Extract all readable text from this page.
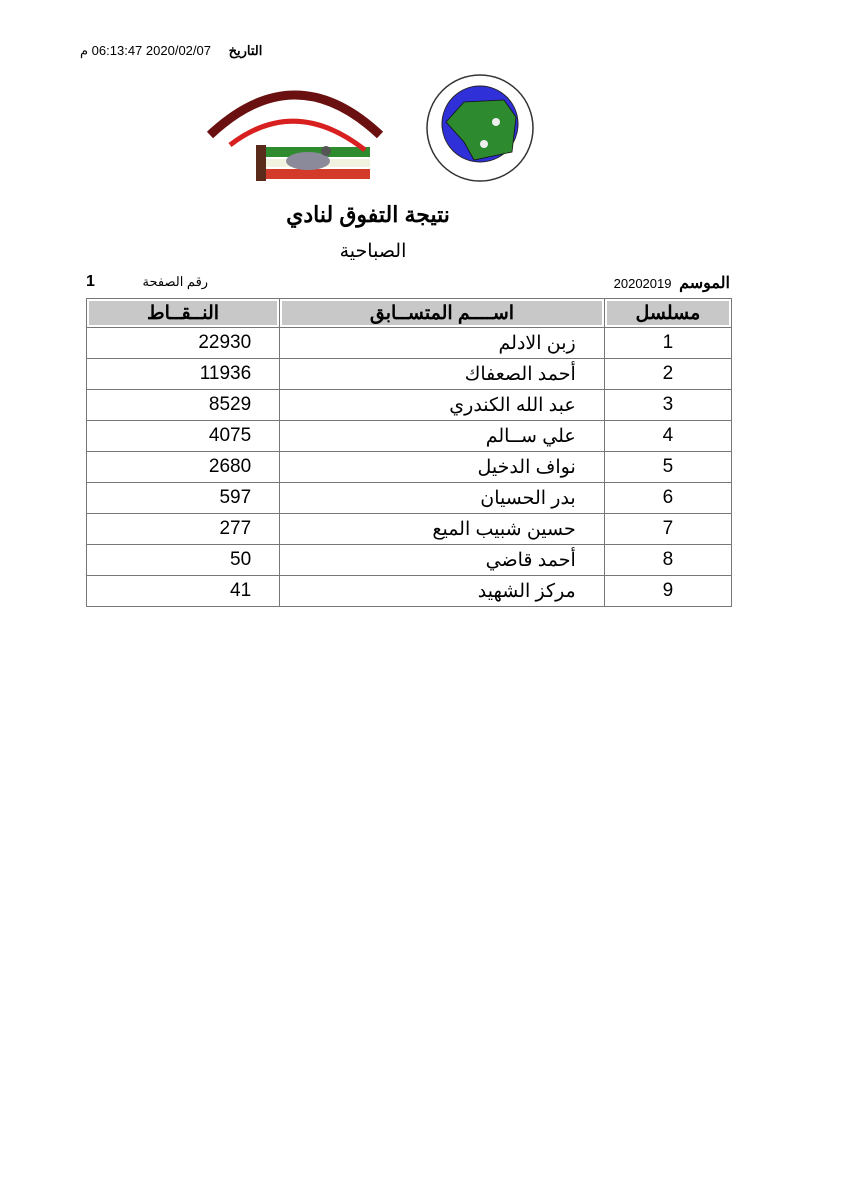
التاريخ 2020/02/07 06:13:47 م
نتيجة التفوق لنادي
الصباحية
الموسم 20202019
1	رقم الصفحة
النــقــاط	اســــم المتســابق	مسلسل
22930	زبن الادلم	1
11936	أحمد الصعفاك	2
8529	عبد الله الكندري	3
4075	علي ســالم	4
2680	نواف الدخيل	5
597	بدر الحسيان	6
277	حسين شبيب الميع	7
50	أحمد قاضي	8
41	مركز الشهيد	9
